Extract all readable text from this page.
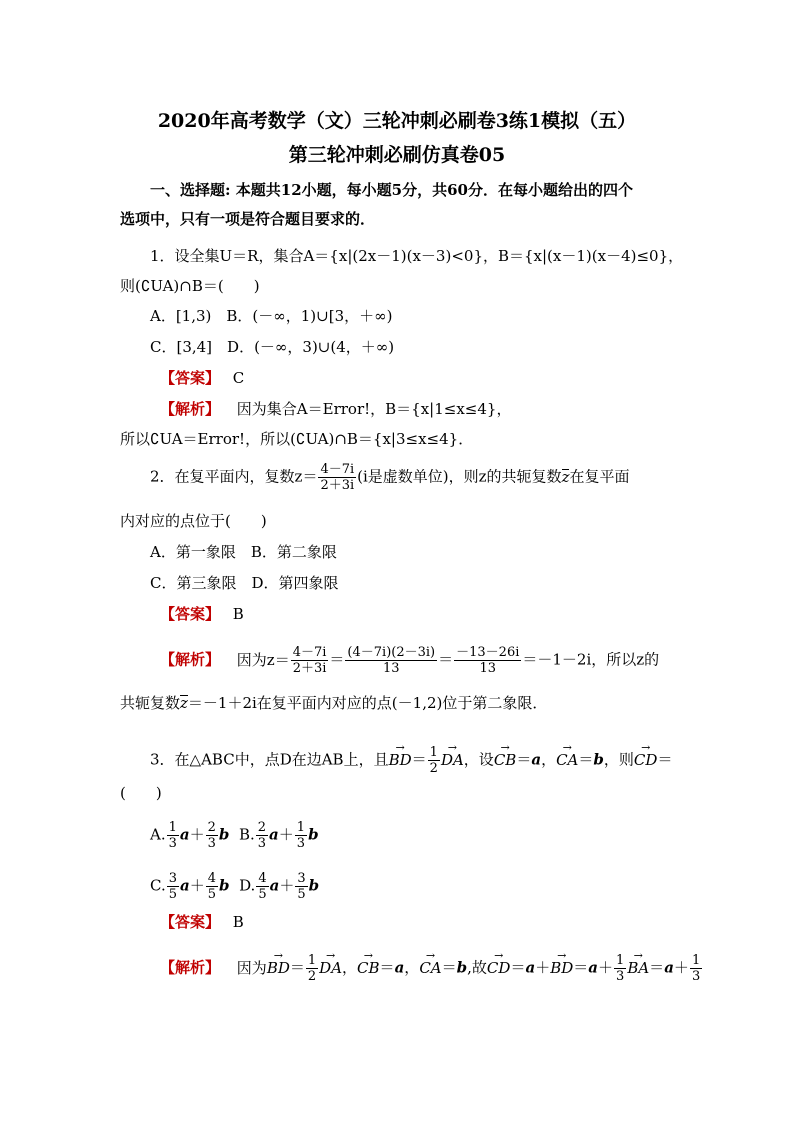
2020年高考数学（文）三轮冲刺必刷卷3练1模拟（五）
第三轮冲刺必刷仿真卷05
一、选择题: 本题共12小题，每小题5分，共60分．在每小题给出的四个
选项中，只有一项是符合题目要求的．
1．设全集U＝R，集合A＝{x|(2x－1)(x－3)<0}，B＝{x|(x－1)(x－4)≤0}，
则(∁UA)∩B＝(　　)
A．[1,3)　B．(－∞，1)∪[3，＋∞)
C．[3,4]　D．(－∞，3)∪(4，＋∞)
【答案】 C
【解析】 因为集合A＝Error!，B＝{x|1≤x≤4}，
所以∁UA＝Error!，所以(∁UA)∩B＝{x|3≤x≤4}．
2．在复平面内，复数$z= \frac{4-7i}{2+3i} (i$是虚数单位)，则z的共轭复数z在复平面
内对应的点位于(　　)
A．第一象限　B．第二象限
C．第三象限　D．第四象限
【答案】 B
【解析】 因为$z= \frac{4-7i}{2+3i} = \frac{(4-7i)(2-3i)}{13} = \frac{-13-26i}{13} =-1-2i$，所以z的
共轭复数z＝－1＋2i在复平面内对应的点(－1,2)位于第二象限．
3．在△ABC中，点D在边AB上，且→ $BD= \frac{1}{2}$
→ DA，设→ CB＝a，→ CA＝b，则→ CD＝
(　　)
A. $\frac{1}{3} a+ \frac{2}{3}$ b  B. $\frac{2}{3} a+ \frac{1}{3}$ b
C. $\frac{3}{5} a+ \frac{4}{5}$ b  D. $\frac{4}{5} a+ \frac{3}{5}$ b
【答案】 B
【解析】 因为→ $BD= \frac{1}{2}$
→ DA，→ CB＝a，→ CA＝b,故→ $CD=a+\to BD=a+ \frac{1}{3}$
→ $BA=a+ \frac{1}{3}$
